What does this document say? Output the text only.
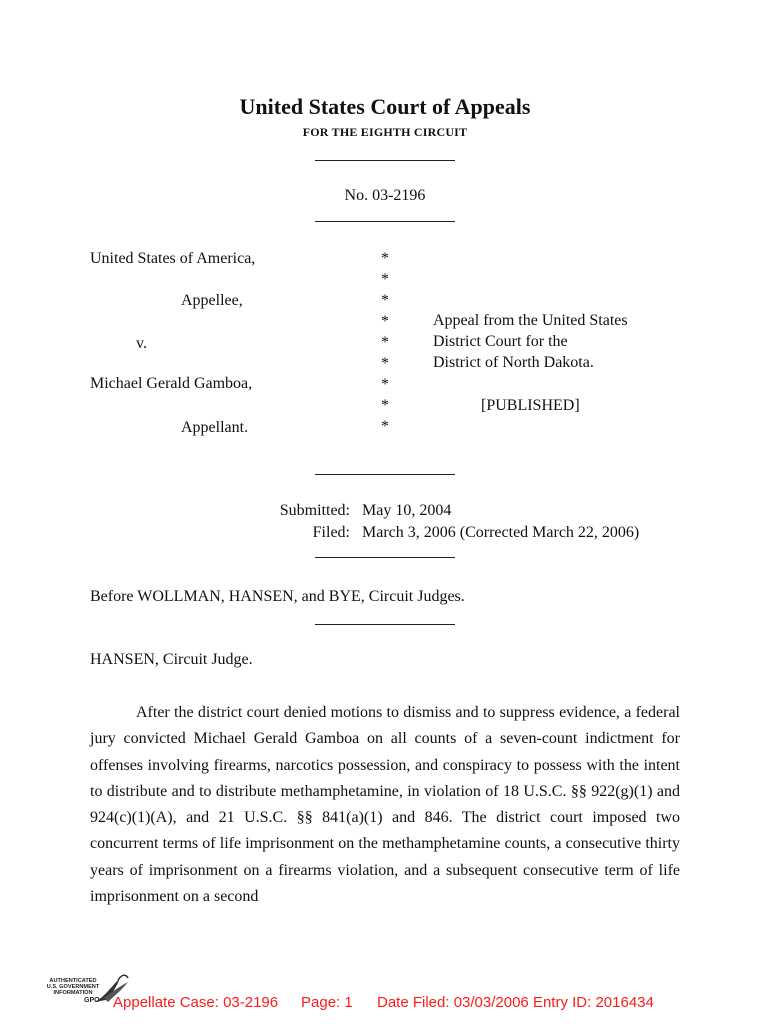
United States Court of Appeals
FOR THE EIGHTH CIRCUIT
No. 03-2196
United States of America,
Appellee,
v.
Michael Gerald Gamboa,
Appellant.
*
*
*
*
*
*
*
*
*
Appeal from the United States
District Court for the
District of North Dakota.
[PUBLISHED]
Submitted: May 10, 2004
Filed: March 3, 2006 (Corrected March 22, 2006)
Before WOLLMAN, HANSEN, and BYE, Circuit Judges.
HANSEN, Circuit Judge.
After the district court denied motions to dismiss and to suppress evidence, a federal jury convicted Michael Gerald Gamboa on all counts of a seven-count indictment for offenses involving firearms, narcotics possession, and conspiracy to possess with the intent to distribute and to distribute methamphetamine, in violation of 18 U.S.C. §§ 922(g)(1) and 924(c)(1)(A), and 21 U.S.C. §§ 841(a)(1) and 846. The district court imposed two concurrent terms of life imprisonment on the methamphetamine counts, a consecutive thirty years of imprisonment on a firearms violation, and a subsequent consecutive term of life imprisonment on a second
AUTHENTICATED
U.S. GOVERNMENT
INFORMATION
GPO Appellate Case: 03-2196 Page: 1 Date Filed: 03/03/2006 Entry ID: 2016434
